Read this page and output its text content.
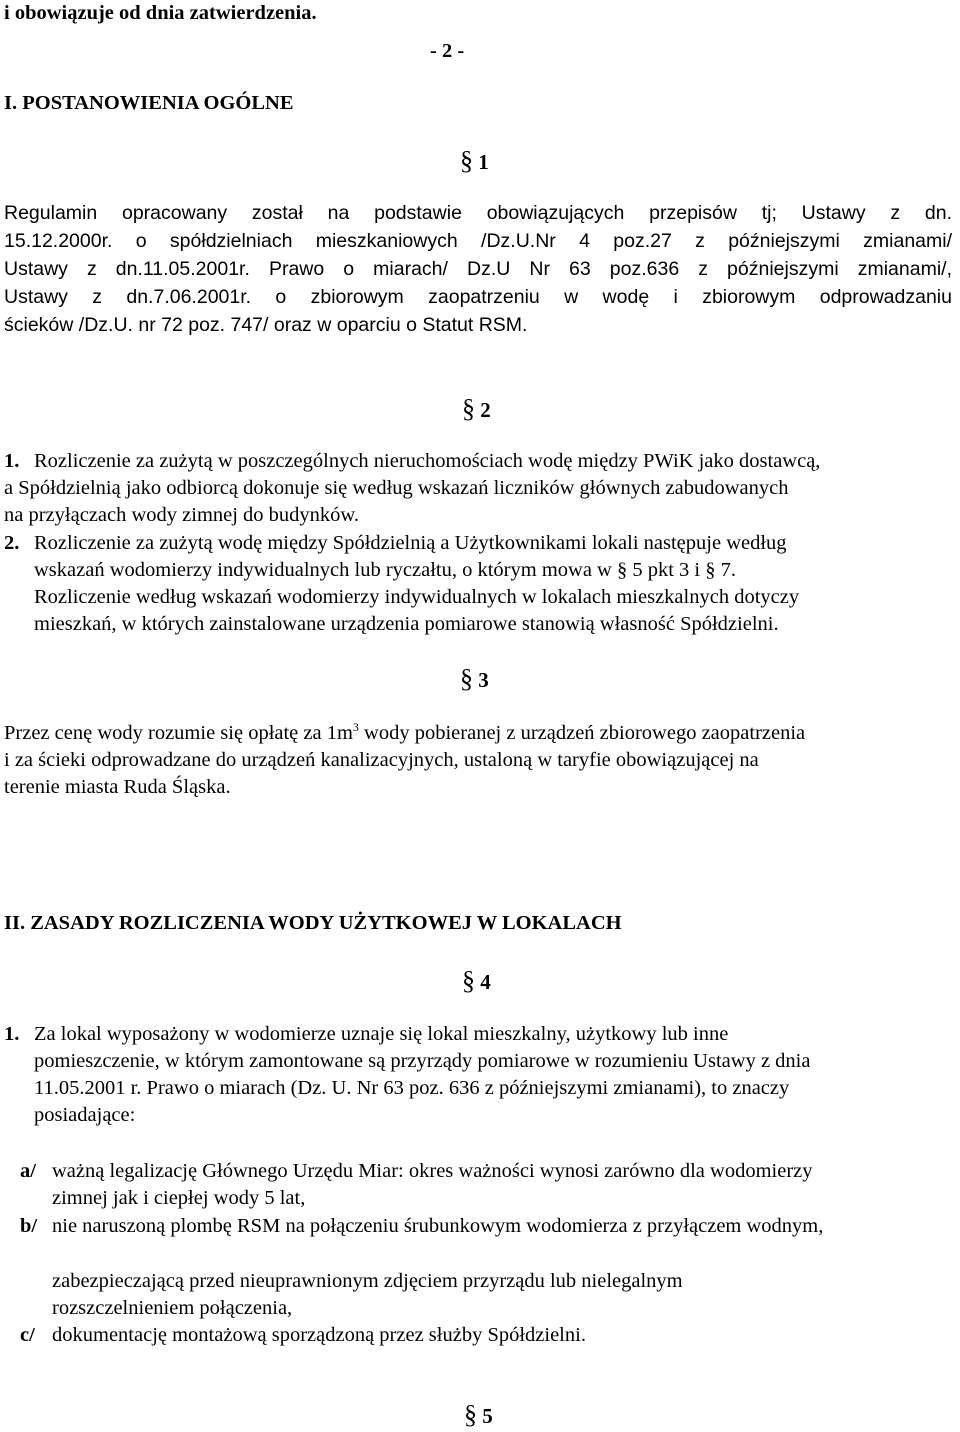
i obowiązuje od dnia zatwierdzenia.
- 2 -
I. POSTANOWIENIA OGÓLNE
§ 1
Regulamin opracowany został na podstawie obowiązujących przepisów tj; Ustawy z dn.
15.12.2000r. o spółdzielniach mieszkaniowych /Dz.U.Nr 4 poz.27 z późniejszymi zmianami/
Ustawy z dn.11.05.2001r. Prawo o miarach/ Dz.U Nr 63 poz.636 z późniejszymi zmianami/,
Ustawy z dn.7.06.2001r. o zbiorowym zaopatrzeniu w wodę i zbiorowym odprowadzaniu
ścieków /Dz.U. nr 72 poz. 747/ oraz w oparciu o Statut RSM.
§ 2
1. Rozliczenie za zużytą w poszczególnych nieruchomościach wodę między PWiK jako dostawcą,
a Spółdzielnią jako odbiorcą dokonuje się według wskazań liczników głównych zabudowanych
na przyłączach wody zimnej do budynków.
2. Rozliczenie za zużytą wodę między Spółdzielnią a Użytkownikami lokali następuje według
wskazań wodomierzy indywidualnych lub ryczałtu, o którym mowa w § 5 pkt 3 i § 7.
Rozliczenie według wskazań wodomierzy indywidualnych w lokalach mieszkalnych dotyczy
mieszkań, w których zainstalowane urządzenia pomiarowe stanowią własność Spółdzielni.
§ 3
Przez cenę wody rozumie się opłatę za $1m^3$ wody pobieranej z urządzeń zbiorowego zaopatrzenia
i za ścieki odprowadzane do urządzeń kanalizacyjnych, ustaloną w taryfie obowiązującej na
terenie miasta Ruda Śląska.
II. ZASADY ROZLICZENIA WODY UŻYTKOWEJ W LOKALACH
§ 4
1. Za lokal wyposażony w wodomierze uznaje się lokal mieszkalny, użytkowy lub inne
pomieszczenie, w którym zamontowane są przyrządy pomiarowe w rozumieniu Ustawy z dnia
11.05.2001 r. Prawo o miarach (Dz. U. Nr 63 poz. 636 z późniejszymi zmianami), to znaczy
posiadające:
a/ ważną legalizację Głównego Urzędu Miar: okres ważności wynosi zarówno dla wodomierzy
zimnej jak i ciepłej wody 5 lat,
b/ nie naruszoną plombę RSM na połączeniu śrubunkowym wodomierza z przyłączem wodnym,
zabezpieczającą przed nieuprawnionym zdjęciem przyrządu lub nielegalnym
rozszczelnieniem połączenia,
c/ dokumentację montażową sporządzoną przez służby Spółdzielni.
§ 5
